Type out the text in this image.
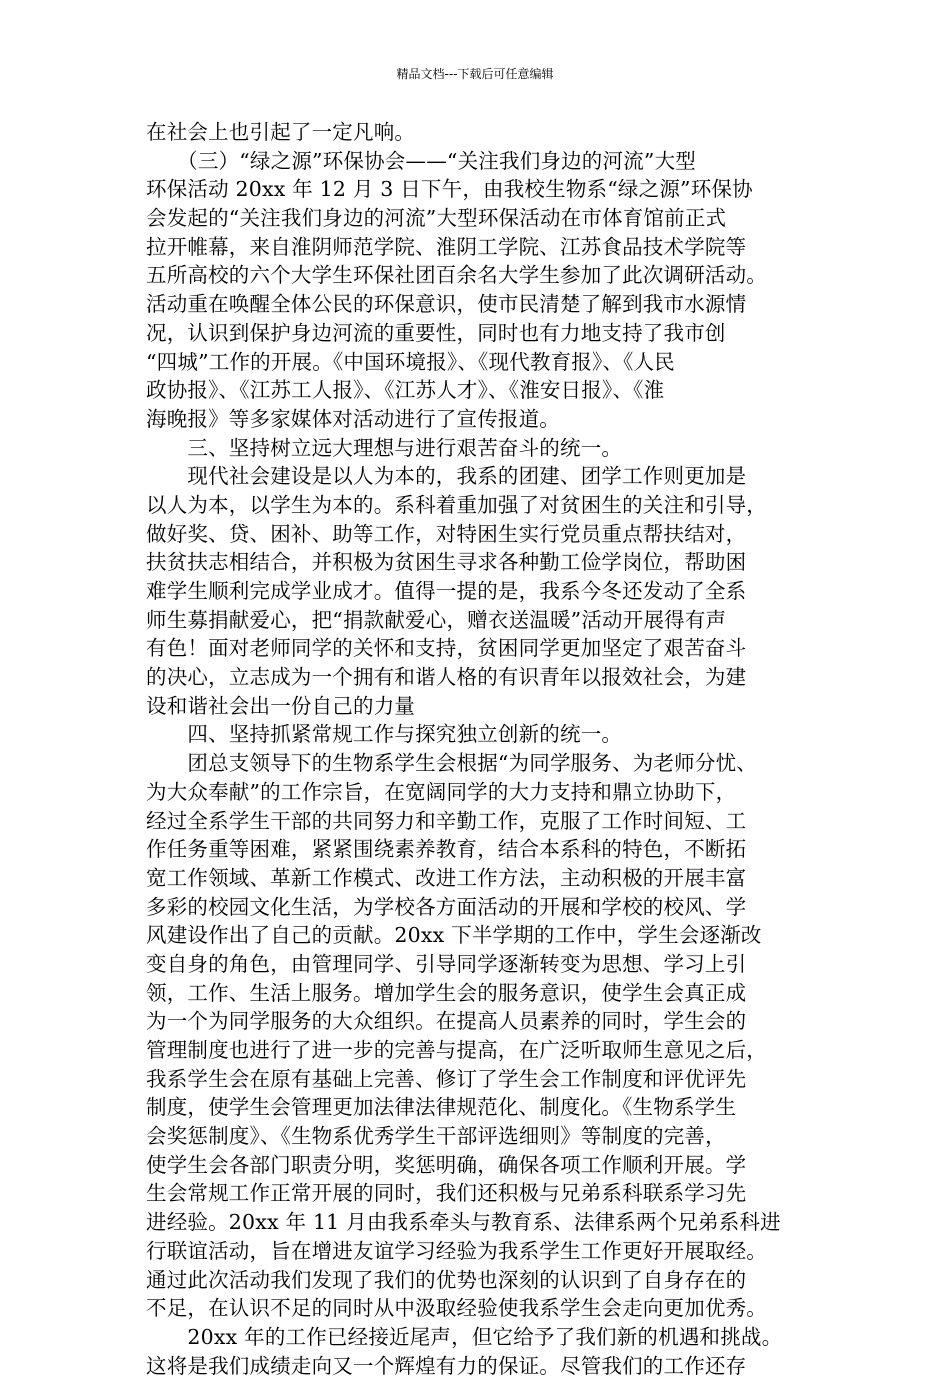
精品文档---下载后可任意编辑
在社会上也引起了一定凡响。
　　（三）“绿之源”环保协会——“关注我们身边的河流”大型
环保活动 20xx 年 12 月 3 日下午，由我校生物系“绿之源”环保协
会发起的“关注我们身边的河流”大型环保活动在市体育馆前正式
拉开帷幕，来自淮阴师范学院、淮阴工学院、江苏食品技术学院等
五所高校的六个大学生环保社团百余名大学生参加了此次调研活动。
活动重在唤醒全体公民的环保意识，使市民清楚了解到我市水源情
况，认识到保护身边河流的重要性，同时也有力地支持了我市创
“四城”工作的开展。《中国环境报》、《现代教育报》、《人民
政协报》、《江苏工人报》、《江苏人才》、《淮安日报》、《淮
海晚报》等多家媒体对活动进行了宣传报道。
　　三、坚持树立远大理想与进行艰苦奋斗的统一。
　　现代社会建设是以人为本的，我系的团建、团学工作则更加是
以人为本，以学生为本的。系科着重加强了对贫困生的关注和引导，
做好奖、贷、困补、助等工作，对特困生实行党员重点帮扶结对，
扶贫扶志相结合，并积极为贫困生寻求各种勤工俭学岗位，帮助困
难学生顺利完成学业成才。值得一提的是，我系今冬还发动了全系
师生募捐献爱心，把“捐款献爱心，赠衣送温暖”活动开展得有声
有色！面对老师同学的关怀和支持，贫困同学更加坚定了艰苦奋斗
的决心，立志成为一个拥有和谐人格的有识青年以报效社会，为建
设和谐社会出一份自己的力量
　　四、坚持抓紧常规工作与探究独立创新的统一。
　　团总支领导下的生物系学生会根据“为同学服务、为老师分忧、
为大众奉献”的工作宗旨，在宽阔同学的大力支持和鼎立协助下，
经过全系学生干部的共同努力和辛勤工作，克服了工作时间短、工
作任务重等困难，紧紧围绕素养教育，结合本系科的特色，不断拓
宽工作领域、革新工作模式、改进工作方法，主动积极的开展丰富
多彩的校园文化生活，为学校各方面活动的开展和学校的校风、学
风建设作出了自己的贡献。20xx 下半学期的工作中，学生会逐渐改
变自身的角色，由管理同学、引导同学逐渐转变为思想、学习上引
领，工作、生活上服务。增加学生会的服务意识，使学生会真正成
为一个为同学服务的大众组织。在提高人员素养的同时，学生会的
管理制度也进行了进一步的完善与提高，在广泛听取师生意见之后，
我系学生会在原有基础上完善、修订了学生会工作制度和评优评先
制度，使学生会管理更加法律法律规范化、制度化。《生物系学生
会奖惩制度》、《生物系优秀学生干部评选细则》等制度的完善，
使学生会各部门职责分明，奖惩明确，确保各项工作顺利开展。学
生会常规工作正常开展的同时，我们还积极与兄弟系科联系学习先
进经验。20xx 年 11 月由我系牵头与教育系、法律系两个兄弟系科进
行联谊活动，旨在增进友谊学习经验为我系学生工作更好开展取经。
通过此次活动我们发现了我们的优势也深刻的认识到了自身存在的
不足，在认识不足的同时从中汲取经验使我系学生会走向更加优秀。
　　20xx 年的工作已经接近尾声，但它给予了我们新的机遇和挑战。
这将是我们成绩走向又一个辉煌有力的保证。尽管我们的工作还存
